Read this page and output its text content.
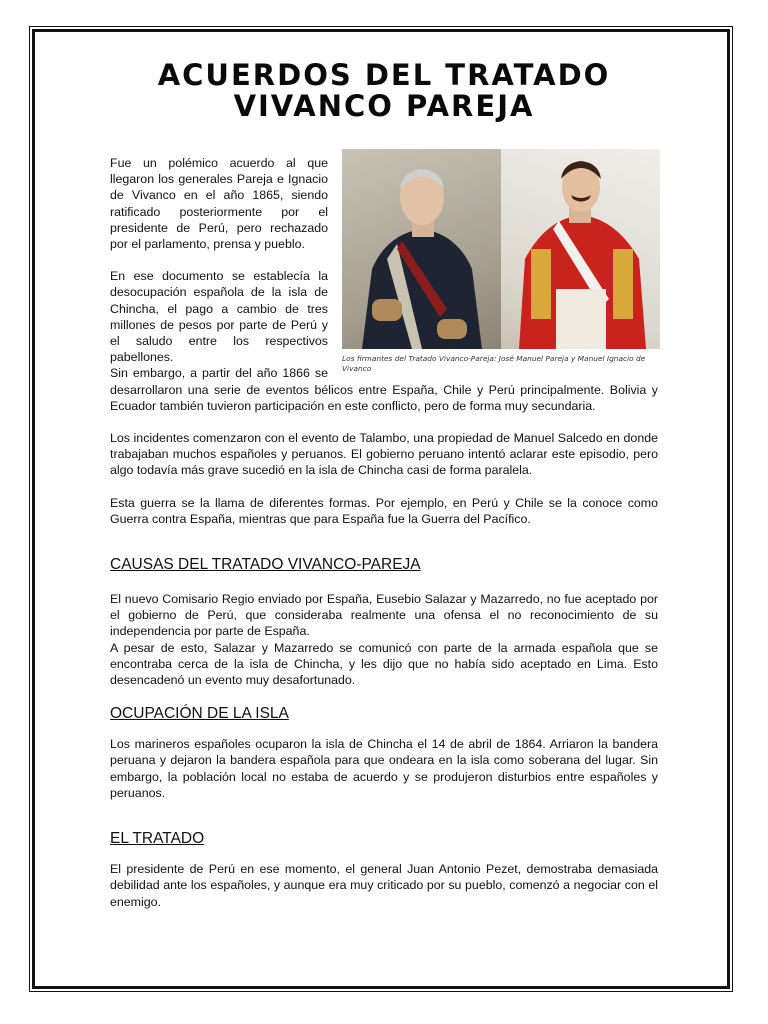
ACUERDOS DEL TRATADO
VIVANCO PAREJA
Los firmantes del Tratado Vivanco-Pareja: José Manuel Pareja y Manuel Ignacio de Vivanco

Fue un polémico acuerdo al que llegaron los generales Pareja e Ignacio de Vivanco en el año 1865, siendo ratificado posteriormente por el presidente de Perú, pero rechazado por el parlamento, prensa y pueblo.

En ese documento se establecía la desocupación española de la isla de Chincha, el pago a cambio de tres millones de pesos por parte de Perú y el saludo entre los respectivos pabellones.

Sin embargo, a partir del año 1866 se desarrollaron una serie de eventos bélicos entre España, Chile y Perú principalmente. Bolivia y Ecuador también tuvieron participación en este conflicto, pero de forma muy secundaria.

Los incidentes comenzaron con el evento de Talambo, una propiedad de Manuel Salcedo en donde trabajaban muchos españoles y peruanos. El gobierno peruano intentó aclarar este episodio, pero algo todavía más grave sucedió en la isla de Chincha casi de forma paralela.

Esta guerra se la llama de diferentes formas. Por ejemplo, en Perú y Chile se la conoce como Guerra contra España, mientras que para España fue la Guerra del Pacífico.

CAUSAS DEL TRATADO VIVANCO-PAREJA

El nuevo Comisario Regio enviado por España, Eusebio Salazar y Mazarredo, no fue aceptado por el gobierno de Perú, que consideraba realmente una ofensa el no reconocimiento de su independencia por parte de España.

A pesar de esto, Salazar y Mazarredo se comunicó con parte de la armada española que se encontraba cerca de la isla de Chincha, y les dijo que no había sido aceptado en Lima. Esto desencadenó un evento muy desafortunado.

OCUPACIÓN DE LA ISLA

Los marineros españoles ocuparon la isla de Chincha el 14 de abril de 1864. Arriaron la bandera peruana y dejaron la bandera española para que ondeara en la isla como soberana del lugar. Sin embargo, la población local no estaba de acuerdo y se produjeron disturbios entre españoles y peruanos.

EL TRATADO

El presidente de Perú en ese momento, el general Juan Antonio Pezet, demostraba demasiada debilidad ante los españoles, y aunque era muy criticado por su pueblo, comenzó a negociar con el enemigo.
